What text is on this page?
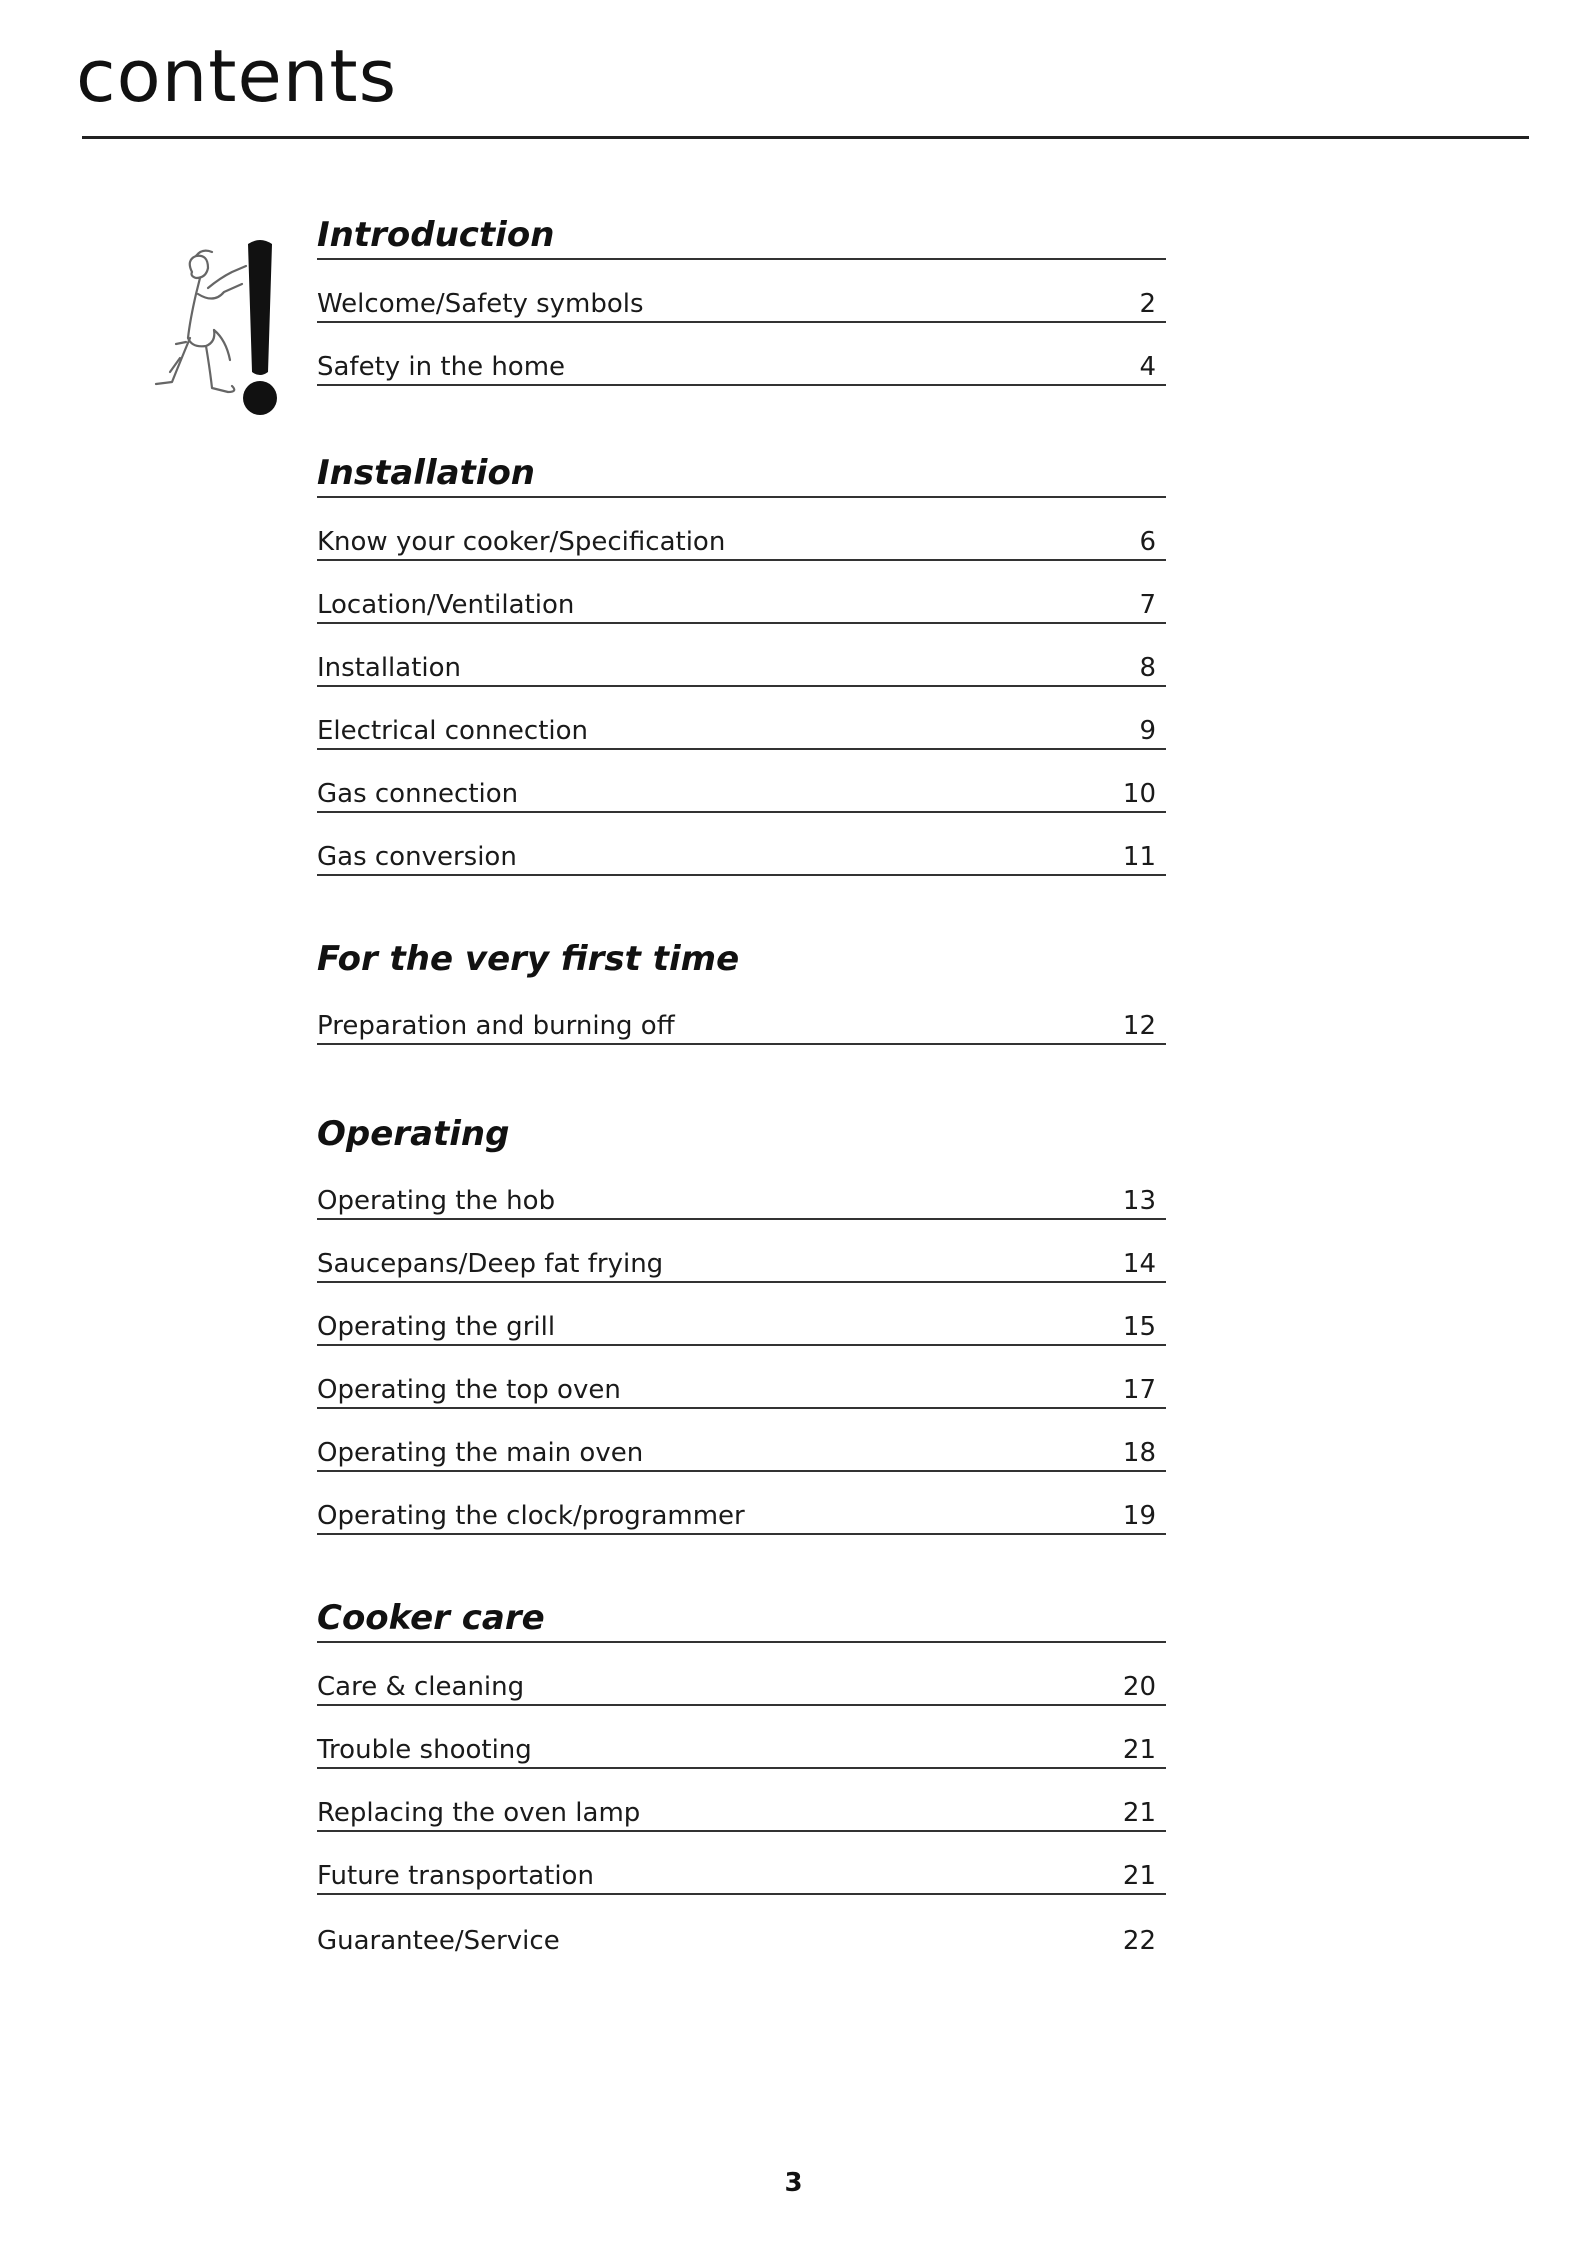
contents
Introduction
Welcome/Safety symbols	2
Safety in the home	4
Installation
Know your cooker/Specification	6
Location/Ventilation	7
Installation	8
Electrical connection	9
Gas connection	10
Gas conversion	11
For the very first time
Preparation and burning off	12
Operating
Operating the hob	13
Saucepans/Deep fat frying	14
Operating the grill	15
Operating the top oven	17
Operating the main oven	18
Operating the clock/programmer	19
Cooker care
Care & cleaning	20
Trouble shooting	21
Replacing the oven lamp	21
Future transportation	21
Guarantee/Service	22
3
